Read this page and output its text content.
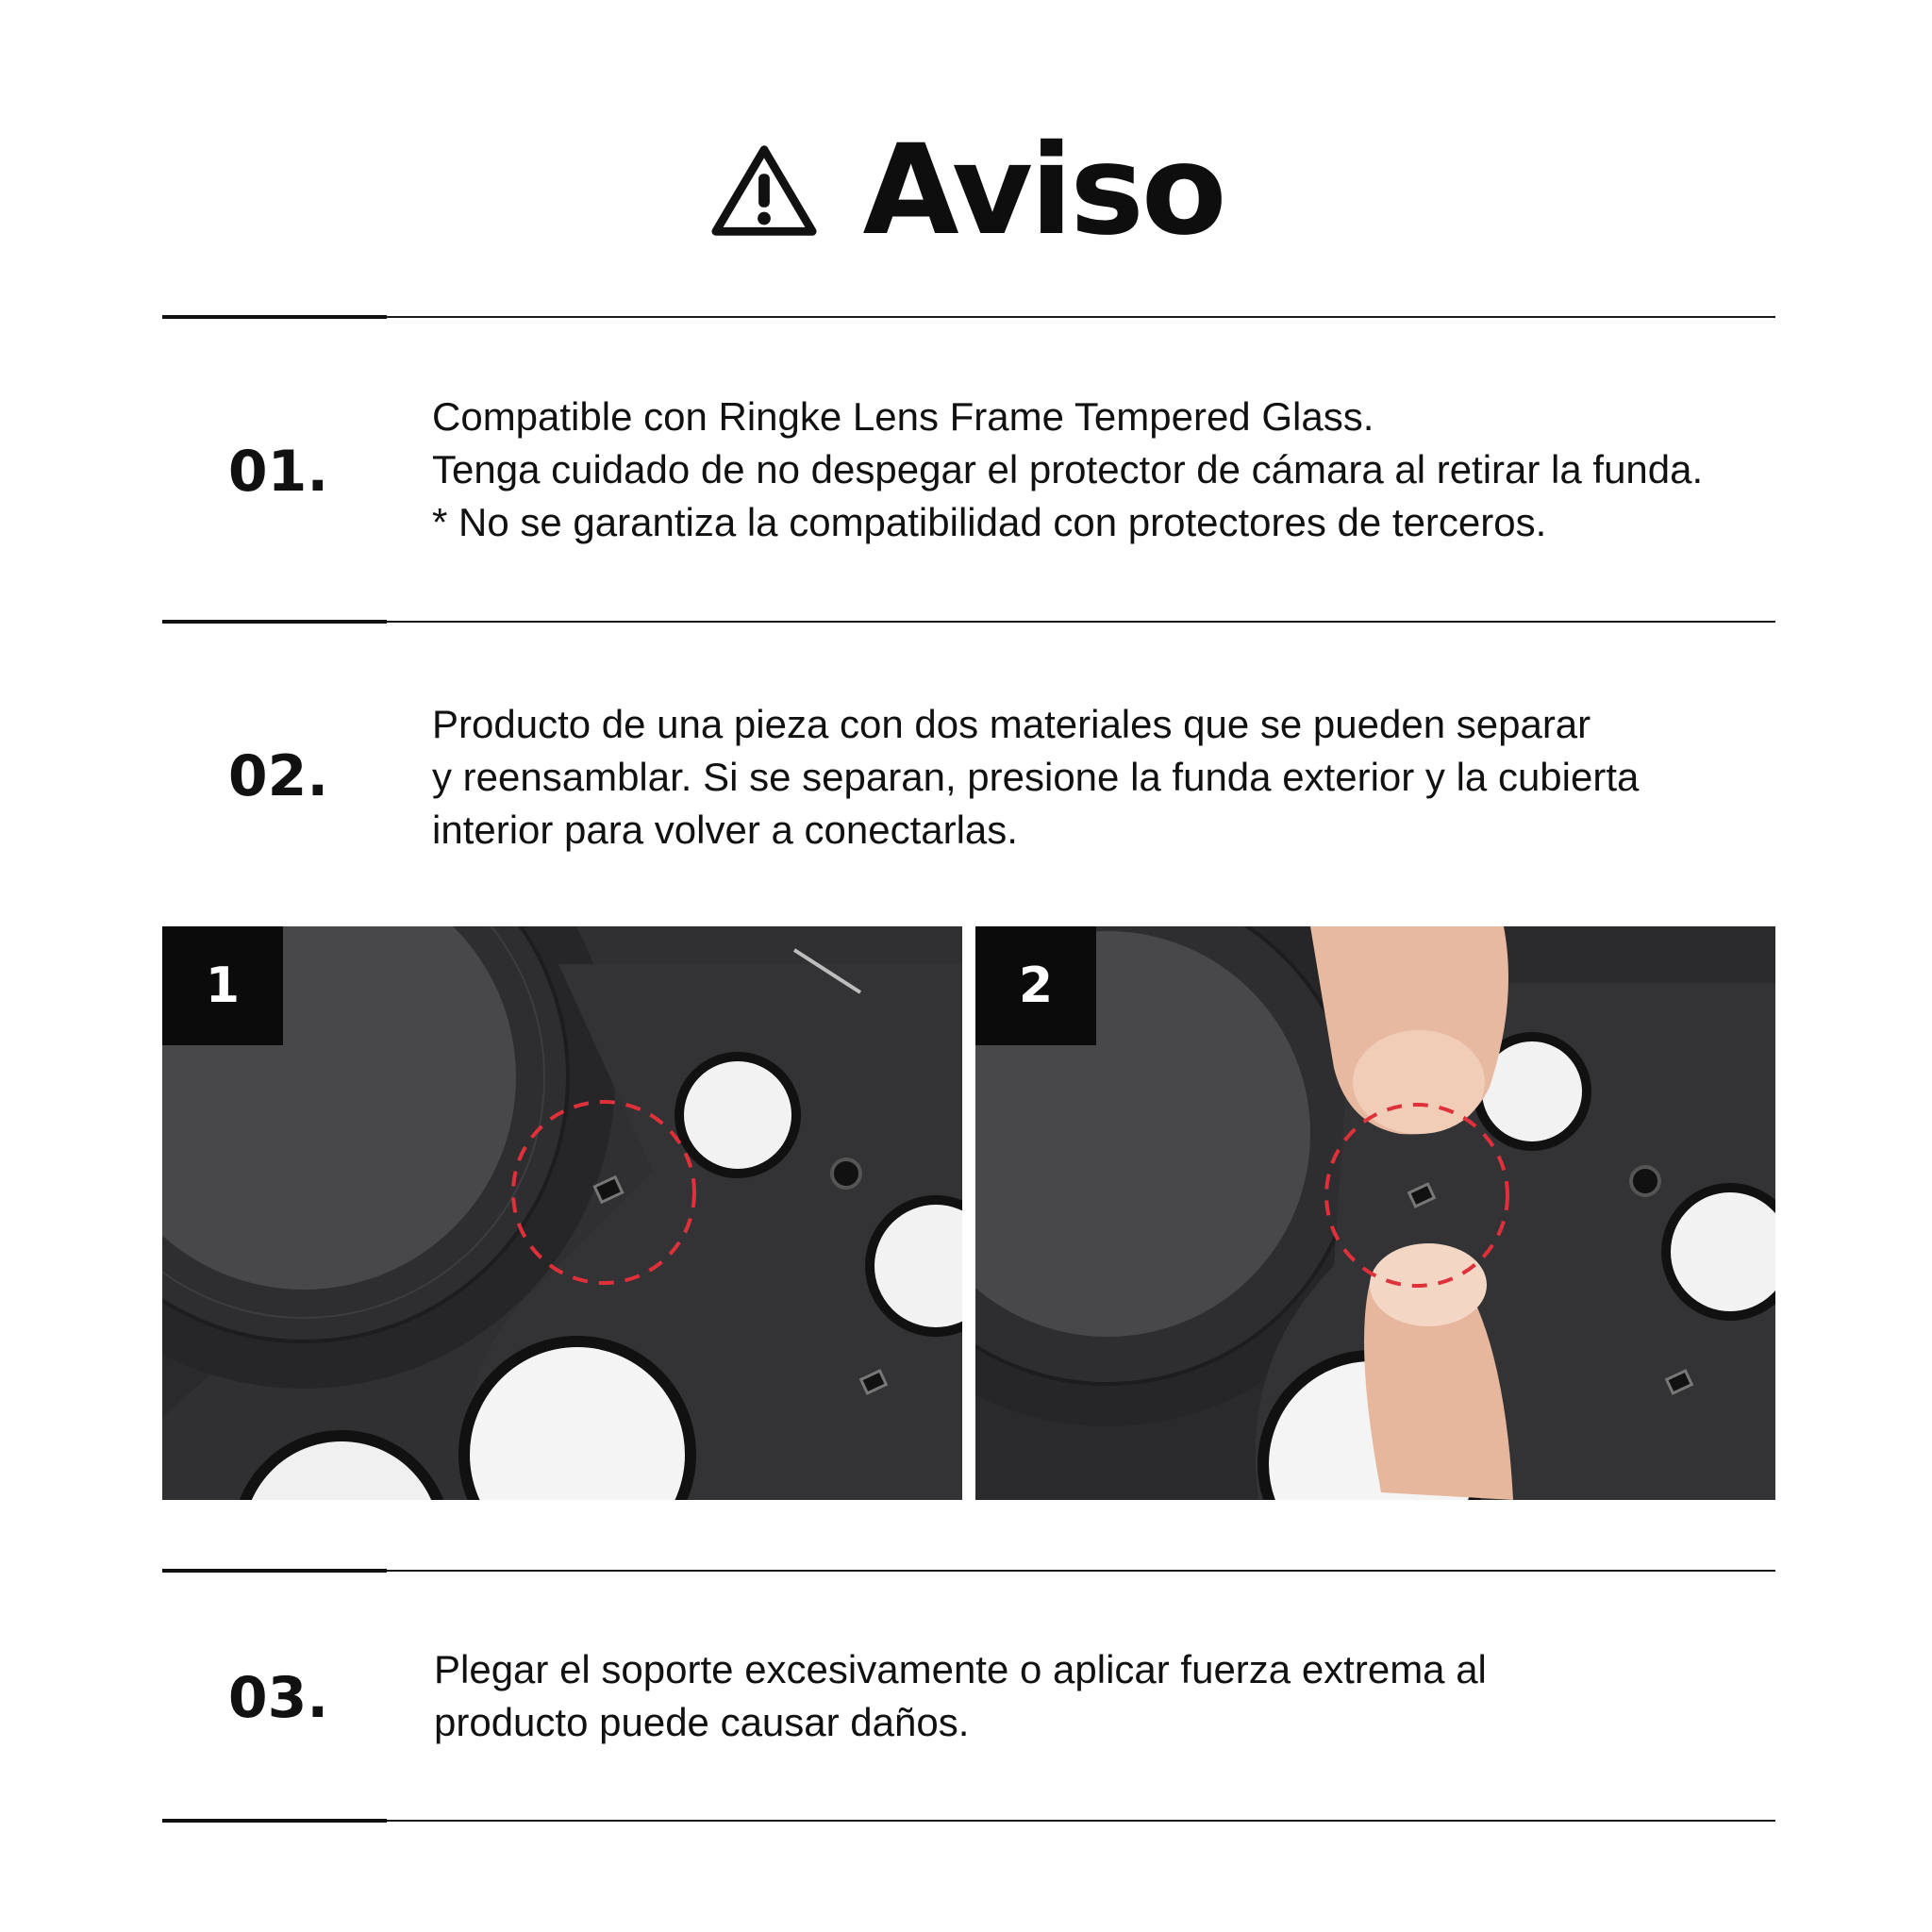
Aviso
01.
Compatible con Ringke Lens Frame Tempered Glass.
Tenga cuidado de no despegar el protector de cámara al retirar la funda.
* No se garantiza la compatibilidad con protectores de terceros.
02.
Producto de una pieza con dos materiales que se pueden separar
y reensamblar. Si se separan, presione la funda exterior y la cubierta
interior para volver a conectarlas.
1	2
03.	Plegar el soporte excesivamente o aplicar fuerza extrema al
producto puede causar daños.
